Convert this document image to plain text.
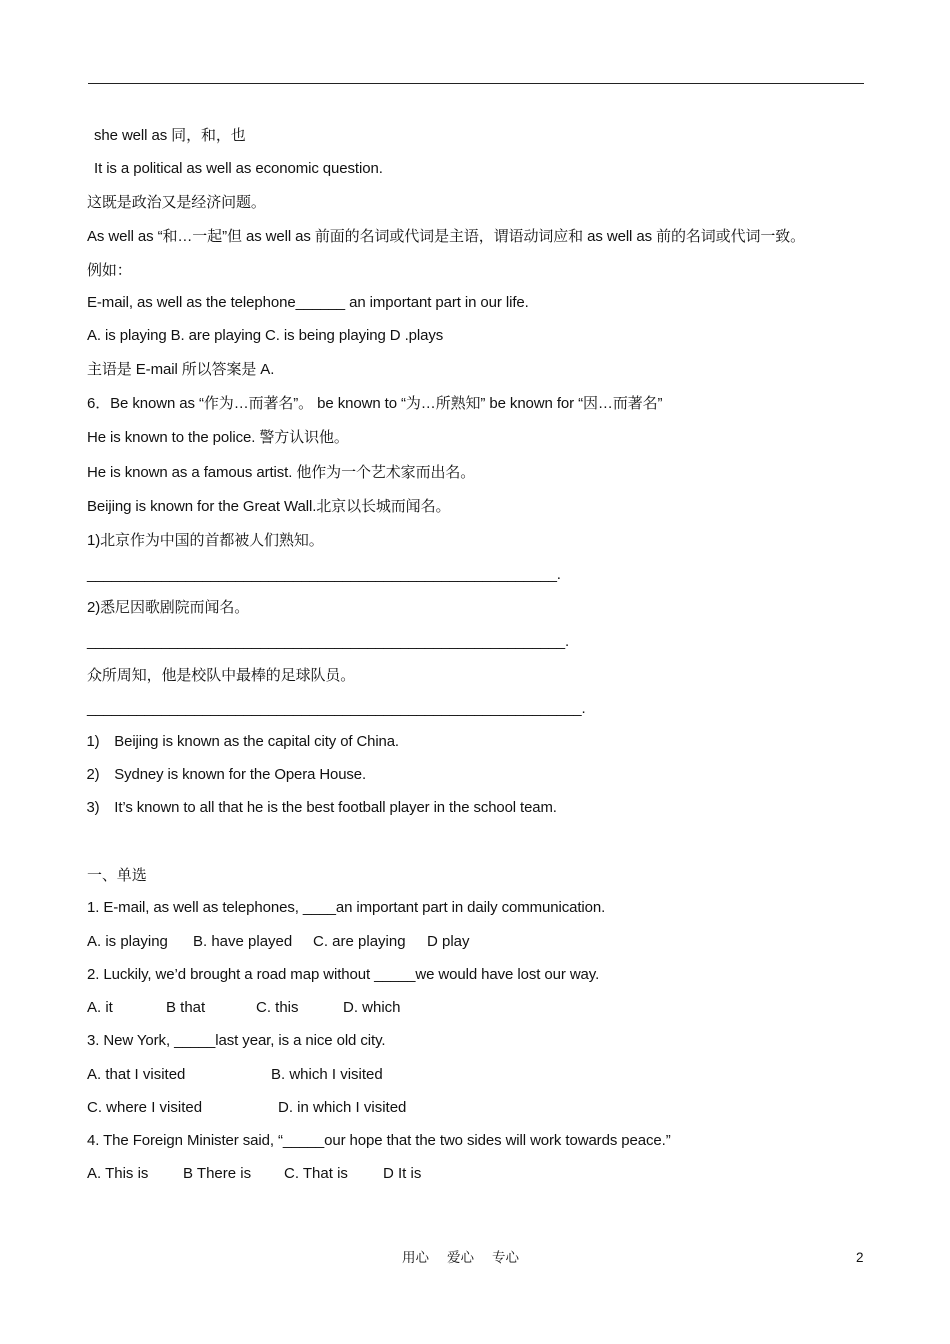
she well as 同，和，也
It is a political as well as economic question.
这既是政治又是经济问题。
As well as “和…一起”但 as well as 前面的名词或代词是主语，谓语动词应和 as well as 前的名词或代词一致。
例如：
E-mail, as well as the telephone______ an important part in our life.
A. is playing B. are playing C. is being playing D .plays
主语是 E-mail 所以答案是 A.
6．Be known as “作为…而著名”。 be known to “为…所熟知” be known for “因…而著名”
He is known to the police. 警方认识他。
He is known as a famous artist. 他作为一个艺术家而出名。
Beijing is known for the Great Wall.北京以长城而闻名。
1)北京作为中国的首都被人们熟知。
_________________________________________________________.
2)悉尼因歌剧院而闻名。
__________________________________________________________.
众所周知，他是校队中最棒的足球队员。
____________________________________________________________.
1) Beijing is known as the capital city of China.
2) Sydney is known for the Opera House.
3) It’s known to all that he is the best football player in the school team.
一、单选
1. E-mail, as well as telephones, ____an important part in daily communication.
A. is playing B. have played C. are playing D play
2. Luckily, we’d brought a road map without _____we would have lost our way.
A. it	B that	C. this	D. which
3. New York, _____last year, is a nice old city.
A. that I visited	B. which I visited
C. where I visited	D. in which I visited
4. The Foreign Minister said, “_____our hope that the two sides will work towards peace.”
A. This is B There is C. That is D It is
用心 爱心 专心	2
